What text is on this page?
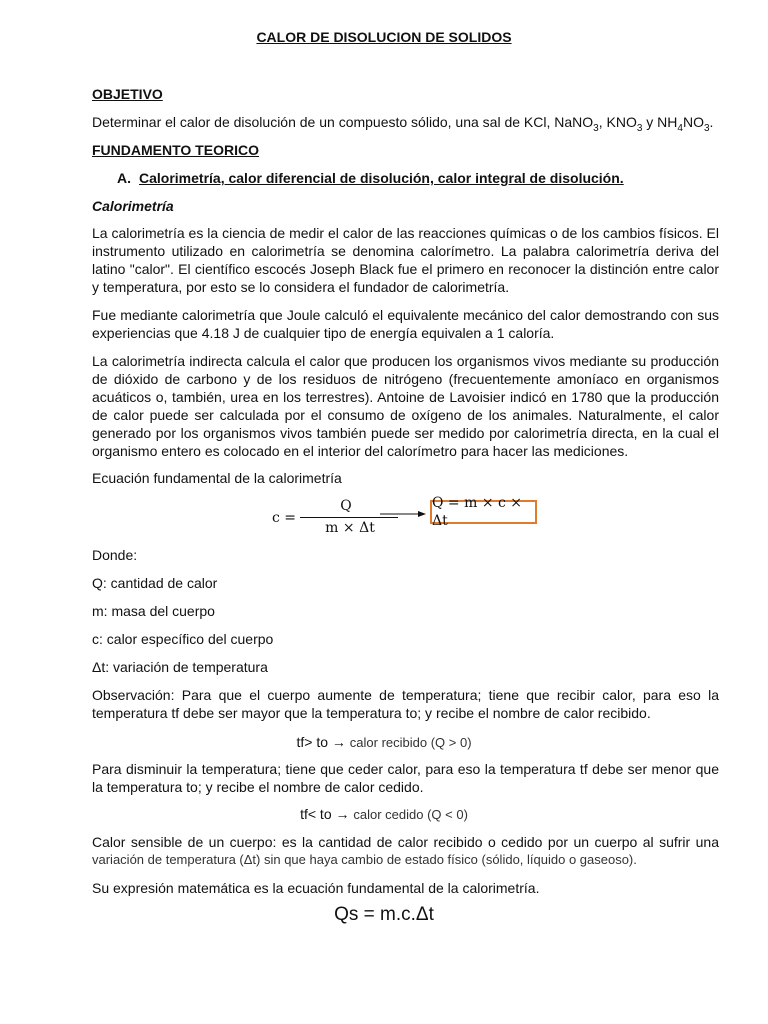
CALOR DE DISOLUCION DE SOLIDOS
OBJETIVO
Determinar el calor de disolución de un compuesto sólido, una sal de KCl, NaNO$_3$, $KNO_3$ y $NH_4NO_3$.
FUNDAMENTO TEORICO
A. Calorimetría, calor diferencial de disolución, calor integral de disolución.
Calorimetría
La calorimetría es la ciencia de medir el calor de las reacciones químicas o de los cambios físicos. El instrumento utilizado en calorimetría se denomina calorímetro. La palabra calorimetría deriva del latino "calor". El científico escocés Joseph Black fue el primero en reconocer la distinción entre calor y temperatura, por esto se lo considera el fundador de calorimetría.
Fue mediante calorimetría que Joule calculó el equivalente mecánico del calor demostrando con sus experiencias que 4.18 J de cualquier tipo de energía equivalen a 1 caloría.
La calorimetría indirecta calcula el calor que producen los organismos vivos mediante su producción de dióxido de carbono y de los residuos de nitrógeno (frecuentemente amoníaco en organismos acuáticos o, también, urea en los terrestres). Antoine de Lavoisier indicó en 1780 que la producción de calor puede ser calculada por el consumo de oxígeno de los animales. Naturalmente, el calor generado por los organismos vivos también puede ser medido por calorimetría directa, en la cual el organismo entero es colocado en el interior del calorímetro para hacer las mediciones.
Ecuación fundamental de la calorimetría
c =
Q
m × Δt
Q = m × c × Δt
Donde:
Q: cantidad de calor
m: masa del cuerpo
c: calor específico del cuerpo
Δt: variación de temperatura
Observación: Para que el cuerpo aumente de temperatura; tiene que recibir calor, para eso la temperatura tf debe ser mayor que la temperatura to; y recibe el nombre de calor recibido.
tf> to → calor recibido (Q > 0)
Para disminuir la temperatura; tiene que ceder calor, para eso la temperatura tf debe ser menor que la temperatura to; y recibe el nombre de calor cedido.
tf< to → calor cedido (Q < 0)
Calor sensible de un cuerpo: es la cantidad de calor recibido o cedido por un cuerpo al sufrir una
variación de temperatura (Δt) sin que haya cambio de estado físico (sólido, líquido o gaseoso).
Su expresión matemática es la ecuación fundamental de la calorimetría.
Qs = m.c.Δt
